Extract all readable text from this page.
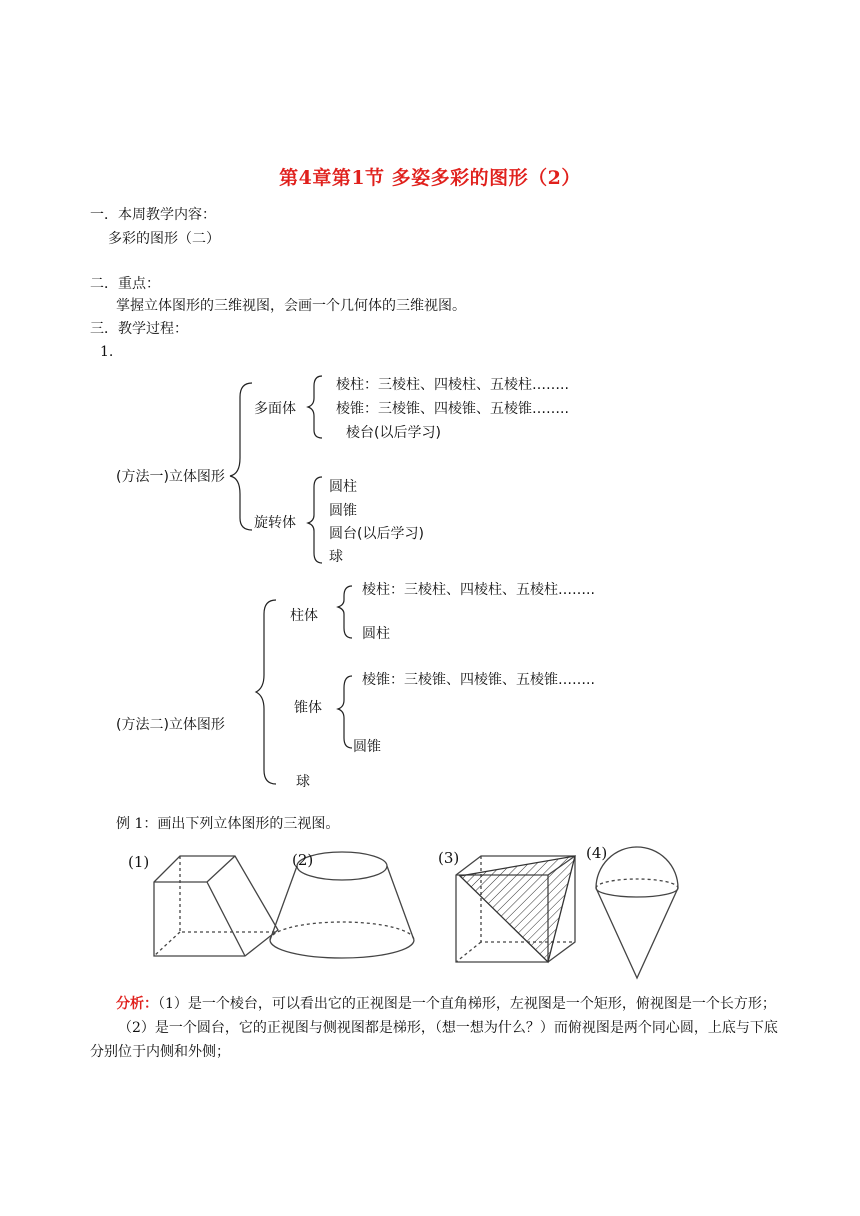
第4章第1节 多姿多彩的图形（2）
一．本周教学内容：
多彩的图形（二）
二．重点：
掌握立体图形的三维视图，会画一个几何体的三维视图。
三．教学过程：
1.
(方法一)立体图形
多面体
棱柱：三棱柱、四棱柱、五棱柱……..
棱锥：三棱锥、四棱锥、五棱锥……..
棱台(以后学习)
旋转体
圆柱
圆锥
圆台(以后学习)
球
(方法二)立体图形
柱体
棱柱：三棱柱、四棱柱、五棱柱……..
圆柱
锥体
棱锥：三棱锥、四棱锥、五棱锥……..
圆锥
球
例 1：画出下列立体图形的三视图。
(1)	(2)	(3)	(4)

分析：（1）是一个棱台，可以看出它的正视图是一个直角梯形，左视图是一个矩形，俯视图是一个长方形；

（2）是一个圆台，它的正视图与侧视图都是梯形，（想一想为什么？）而俯视图是两个同心圆，上底与下底分别位于内侧和外侧；
